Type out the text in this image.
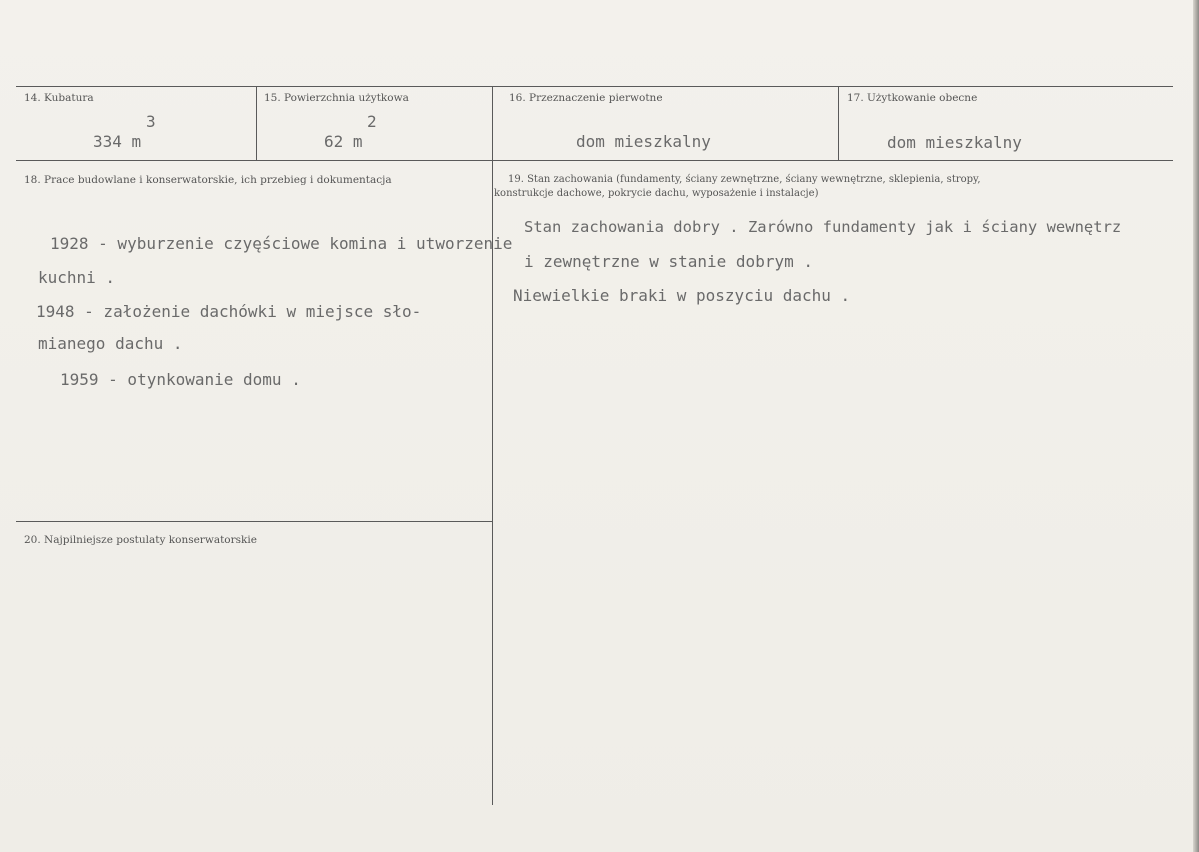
14. Kubatura
3
334 m
15. Powierzchnia użytkowa
2
62 m
16. Przeznaczenie pierwotne
dom mieszkalny
17. Użytkowanie obecne
dom mieszkalny
18. Prace budowlane i konserwatorskie, ich przebieg i dokumentacja
1928 - wyburzenie czyęściowe komina i utworzenie
kuchni .
1948 - założenie dachówki w miejsce sło-
mianego dachu .
1959 - otynkowanie domu .
19. Stan zachowania (fundamenty, ściany zewnętrzne, ściany wewnętrzne, sklepienia, stropy,
konstrukcje dachowe, pokrycie dachu, wyposażenie i instalacje)
Stan zachowania dobry . Zarówno fundamenty jak i ściany wewnętrz
i zewnętrzne w stanie dobrym .
Niewielkie braki w poszyciu dachu .
20. Najpilniejsze postulaty konserwatorskie
